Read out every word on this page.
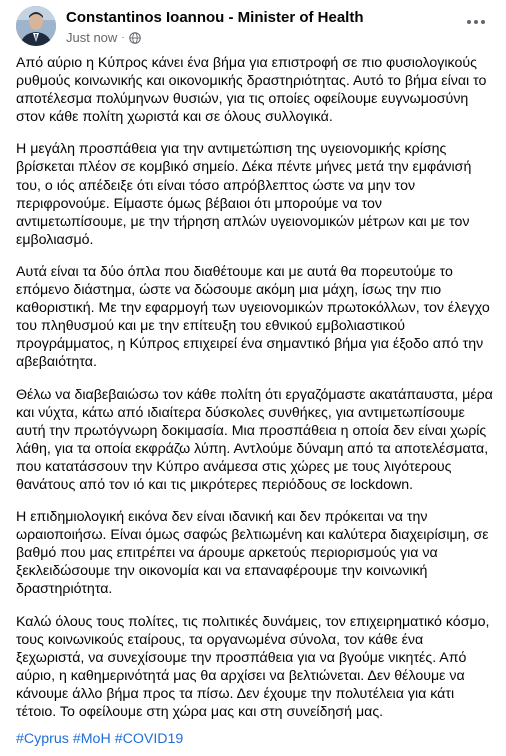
Constantinos Ioannou - Minister of Health
Just now ·

Από αύριο η Κύπρος κάνει ένα βήμα για επιστροφή σε πιο φυσιολογικούς ρυθμούς κοινωνικής και οικονομικής δραστηριότητας. Αυτό το βήμα είναι το αποτέλεσμα πολύμηνων θυσιών, για τις οποίες οφείλουμε ευγνωμοσύνη στον κάθε πολίτη χωριστά και σε όλους συλλογικά.

Η μεγάλη προσπάθεια για την αντιμετώπιση της υγειονομικής κρίσης βρίσκεται πλέον σε κομβικό σημείο. Δέκα πέντε μήνες μετά την εμφάνισή του, ο ιός απέδειξε ότι είναι τόσο απρόβλεπτος ώστε να μην τον περιφρονούμε. Είμαστε όμως βέβαιοι ότι μπορούμε να τον αντιμετωπίσουμε, με την τήρηση απλών υγειονομικών μέτρων και με τον εμβολιασμό.

Αυτά είναι τα δύο όπλα που διαθέτουμε και με αυτά θα πορευτούμε το επόμενο διάστημα, ώστε να δώσουμε ακόμη μια μάχη, ίσως την πιο καθοριστική. Με την εφαρμογή των υγειονομικών πρωτοκόλλων, τον έλεγχο του πληθυσμού και με την επίτευξη του εθνικού εμβολιαστικού προγράμματος, η Κύπρος επιχειρεί ένα σημαντικό βήμα για έξοδο από την αβεβαιότητα.

Θέλω να διαβεβαιώσω τον κάθε πολίτη ότι εργαζόμαστε ακατάπαυστα, μέρα και νύχτα, κάτω από ιδιαίτερα δύσκολες συνθήκες, για αντιμετωπίσουμε αυτή την πρωτόγνωρη δοκιμασία. Μια προσπάθεια η οποία δεν είναι χωρίς λάθη, για τα οποία εκφράζω λύπη. Αντλούμε δύναμη από τα αποτελέσματα, που κατατάσσουν την Κύπρο ανάμεσα στις χώρες με τους λιγότερους θανάτους από τον ιό και τις μικρότερες περιόδους σε lockdown.

Η επιδημιολογική εικόνα δεν είναι ιδανική και δεν πρόκειται να την ωραιοποιήσω. Είναι όμως σαφώς βελτιωμένη και καλύτερα διαχειρίσιμη, σε βαθμό που μας επιτρέπει να άρουμε αρκετούς περιορισμούς για να ξεκλειδώσουμε την οικονομία και να επαναφέρουμε την κοινωνική δραστηριότητα.

Καλώ όλους τους πολίτες, τις πολιτικές δυνάμεις, τον επιχειρηματικό κόσμο, τους κοινωνικούς εταίρους, τα οργανωμένα σύνολα, τον κάθε ένα ξεχωριστά, να συνεχίσουμε την προσπάθεια για να βγούμε νικητές. Από αύριο, η καθημερινότητά μας θα αρχίσει να βελτιώνεται. Δεν θέλουμε να κάνουμε άλλο βήμα προς τα πίσω. Δεν έχουμε την πολυτέλεια για κάτι τέτοιο. Το οφείλουμε στη χώρα μας και στη συνείδησή μας.

#Cyprus #MoH #COVID19
